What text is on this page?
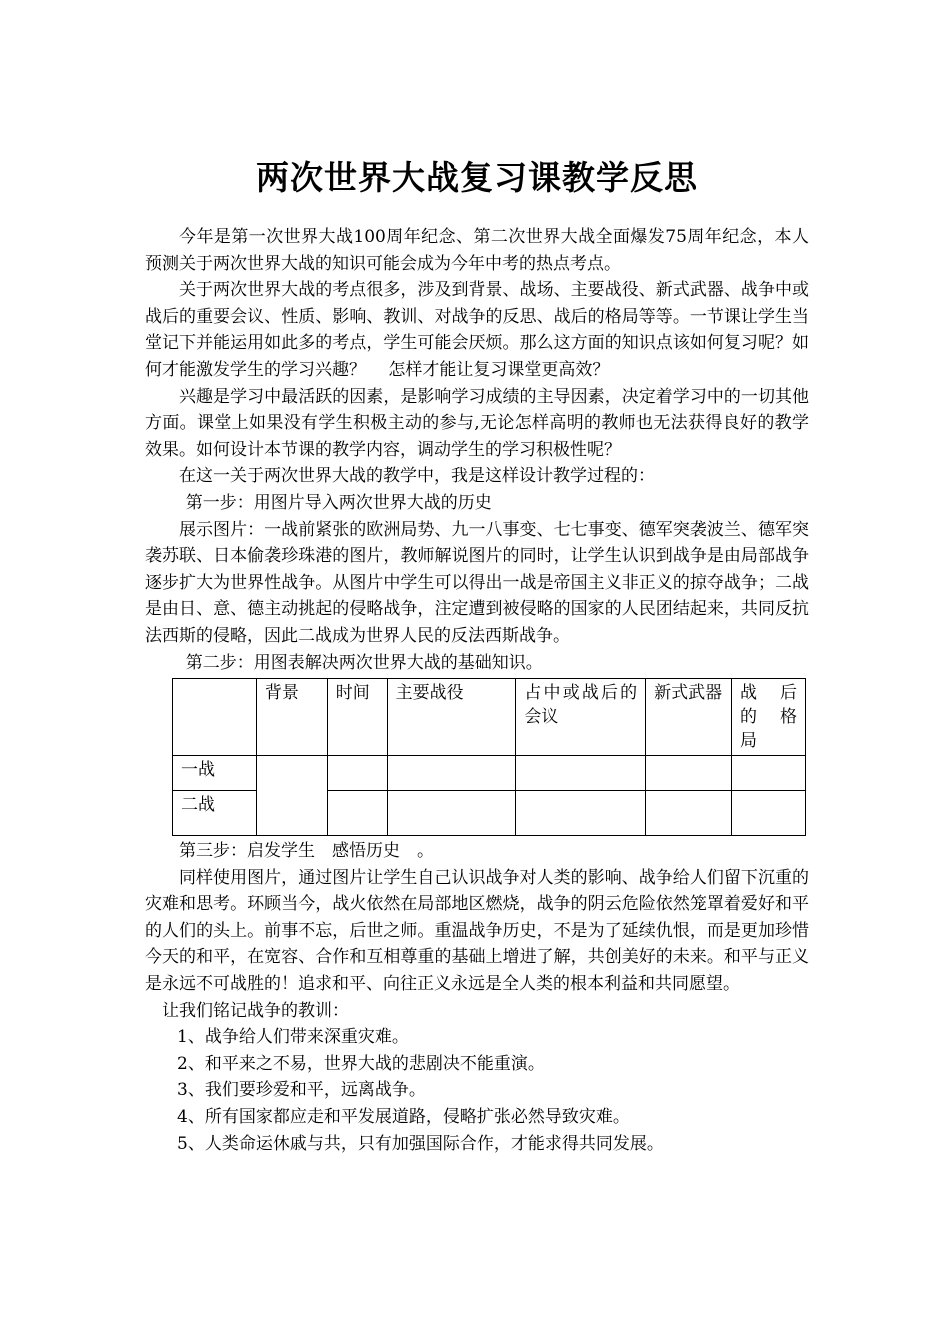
两次世界大战复习课教学反思

今年是第一次世界大战100周年纪念、第二次世界大战全面爆发75周年纪念，本人预测关于两次世界大战的知识可能会成为今年中考的热点考点。

关于两次世界大战的考点很多，涉及到背景、战场、主要战役、新式武器、战争中或战后的重要会议、性质、影响、教训、对战争的反思、战后的格局等等。一节课让学生当堂记下并能运用如此多的考点，学生可能会厌烦。那么这方面的知识点该如何复习呢？如何才能激发学生的学习兴趣？　 怎样才能让复习课堂更高效？

兴趣是学习中最活跃的因素，是影响学习成绩的主导因素，决定着学习中的一切其他方面。课堂上如果没有学生积极主动的参与,无论怎样高明的教师也无法获得良好的教学效果。如何设计本节课的教学内容，调动学生的学习积极性呢？

在这一关于两次世界大战的教学中，我是这样设计教学过程的：

第一步：用图片导入两次世界大战的历史

展示图片：一战前紧张的欧洲局势、九一八事变、七七事变、德军突袭波兰、德军突袭苏联、日本偷袭珍珠港的图片，教师解说图片的同时，让学生认识到战争是由局部战争逐步扩大为世界性战争。从图片中学生可以得出一战是帝国主义非正义的掠夺战争；二战是由日、意、德主动挑起的侵略战争，注定遭到被侵略的国家的人民团结起来，共同反抗法西斯的侵略，因此二战成为世界人民的反法西斯战争。

第二步：用图表解决两次世界大战的基础知识。

	背景	时间	主要战役	占中或战后的会议	新式武器	战　后的　格局
一战						
二战						

第三步：启发学生　感悟历史　。

同样使用图片，通过图片让学生自己认识战争对人类的影响、战争给人们留下沉重的灾难和思考。环顾当今，战火依然在局部地区燃烧，战争的阴云危险依然笼罩着爱好和平的人们的头上。前事不忘，后世之师。重温战争历史，不是为了延续仇恨，而是更加珍惜今天的和平，在宽容、合作和互相尊重的基础上增进了解，共创美好的未来。和平与正义是永远不可战胜的！追求和平、向往正义永远是全人类的根本利益和共同愿望。

让我们铭记战争的教训：

1、战争给人们带来深重灾难。

2、和平来之不易，世界大战的悲剧决不能重演。

3、我们要珍爱和平，远离战争。

4、所有国家都应走和平发展道路，侵略扩张必然导致灾难。

5、人类命运休戚与共，只有加强国际合作，才能求得共同发展。
